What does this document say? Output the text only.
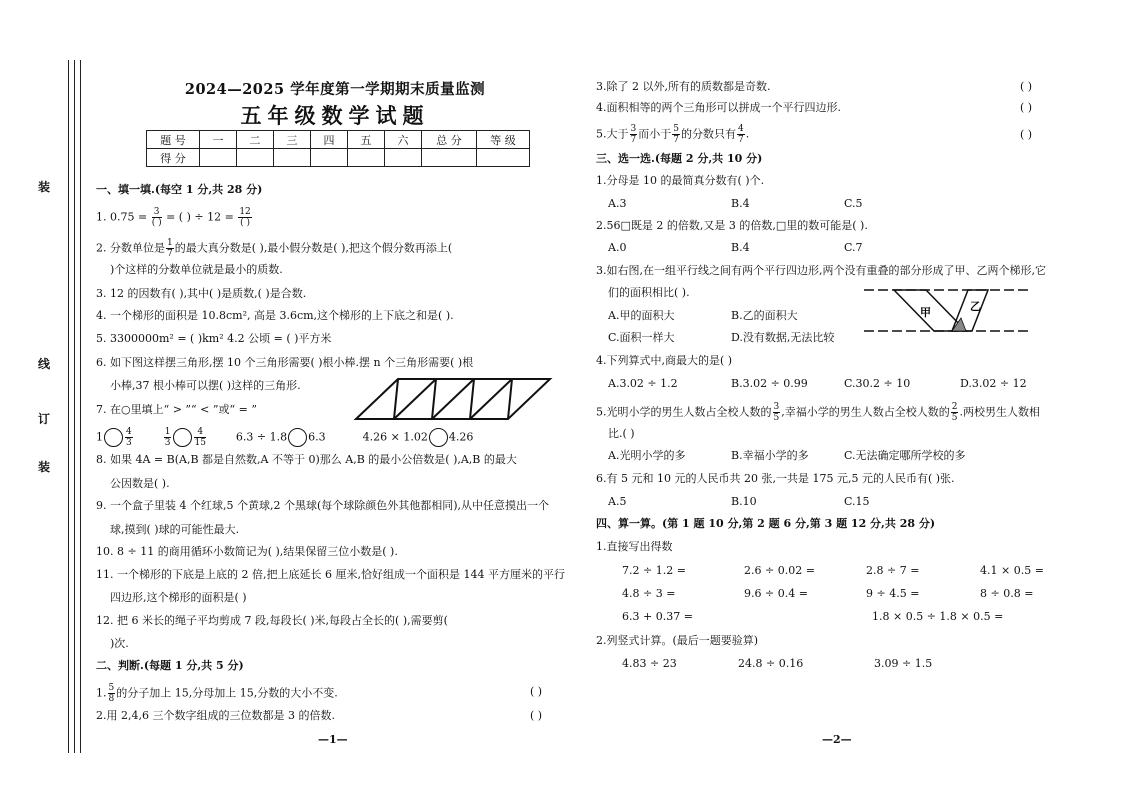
装
订
线
装
2024—2025 学年度第一学期期末质量监测
五年级数学试题
题 号	一	二	三	四	五	六	总 分	等 级
得 分								
一、填一填.(每空 1 分,共 28 分)
1. $0.75 = \frac{3}{( )}$ = ( ) ÷ $12 = \frac{12}{( )}$
2. 分数单位是 $\frac{1}{7}$ 的最大真分数是( ),最小假分数是( ),把这个假分数再添上(
)个这样的分数单位就是最小的质数.
3. 12 的因数有( ),其中( )是质数,( )是合数.
4. 一个梯形的面积是 10.8cm², 高是 3.6cm,这个梯形的上下底之和是( ).
5. 3300000m² = ( )km² 4.2 公顷 = ( )平方米
6. 如下图这样摆三角形,摆 10 个三角形需要( )根小棒.摆 n 个三角形需要( )根
小棒,37 根小棒可以摆( )这样的三角形.
7. 在○里填上“ > ”“ < ”或“ = ”
$1 \frac{4}{3}$
	$\frac{1}{3}$	$\frac{4}{15}$	6.3 ÷ 1.8 6.3	4.26 × 1.02 4.26
8. 如果 4A = B(A,B 都是自然数,A 不等于 0)那么 A,B 的最小公倍数是( ),A,B 的最大
公因数是( ).
9. 一个盒子里装 4 个红球,5 个黄球,2 个黑球(每个球除颜色外其他都相同),从中任意摸出一个
球,摸到( )球的可能性最大.
10. 8 ÷ 11 的商用循环小数简记为( ),结果保留三位小数是( ).
11. 一个梯形的下底是上底的 2 倍,把上底延长 6 厘米,恰好组成一个面积是 144 平方厘米的平行
四边形,这个梯形的面积是( )
12. 把 6 米长的绳子平均剪成 7 段,每段长( )米,每段占全长的( ),需要剪(
)次.
二、判断.(每题 1 分,共 5 分)
1. $\frac{5}{8}$ 的分子加上 15,分母加上 15,分数的大小不变.	( )
2.用 2,4,6 三个数字组成的三位数都是 3 的倍数.	( )
—1—
3.除了 2 以外,所有的质数都是奇数.	( )
4.面积相等的两个三角形可以拼成一个平行四边形.	( )
5.大于 $\frac{3}{7}$ 而小于 $\frac{5}{7}$ 的分数只有 $\frac{4}{7}$ .	( )
三、选一选.(每题 2 分,共 10 分)
1.分母是 10 的最简真分数有( )个.
A.3	B.4	C.5
2.56□既是 2 的倍数,又是 3 的倍数,□里的数可能是( ).
A.0	B.4	C.7
3.如右图,在一组平行线之间有两个平行四边形,两个没有重叠的部分形成了甲、乙两个梯形,它
们的面积相比( ).
A.甲的面积大	B.乙的面积大
C.面积一样大	D.没有数据,无法比较
甲	乙
4.下列算式中,商最大的是( )
A.3.02 ÷ 1.2	B.3.02 ÷ 0.99	C.30.2 ÷ 10	D.3.02 ÷ 12
5.光明小学的男生人数占全校人数的 $\frac{3}{5}$ ,幸福小学的男生人数占全校人数的 $\frac{2}{5}$ .两校男生人数相
比.( )
A.光明小学的多	B.幸福小学的多	C.无法确定哪所学校的多
6.有 5 元和 10 元的人民币共 20 张,一共是 175 元,5 元的人民币有( )张.
A.5	B.10	C.15
四、算一算。(第 1 题 10 分,第 2 题 6 分,第 3 题 12 分,共 28 分)
1.直接写出得数
7.2 ÷ 1.2 =	2.6 ÷ 0.02 =	2.8 ÷ 7 =	4.1 × 0.5 =
4.8 ÷ 3 =	9.6 ÷ 0.4 =	9 ÷ 4.5 =	8 ÷ 0.8 =
6.3 + 0.37 =	1.8 × 0.5 ÷ 1.8 × 0.5 =
2.列竖式计算。(最后一题要验算)
4.83 ÷ 23	24.8 ÷ 0.16	3.09 ÷ 1.5
—2—
